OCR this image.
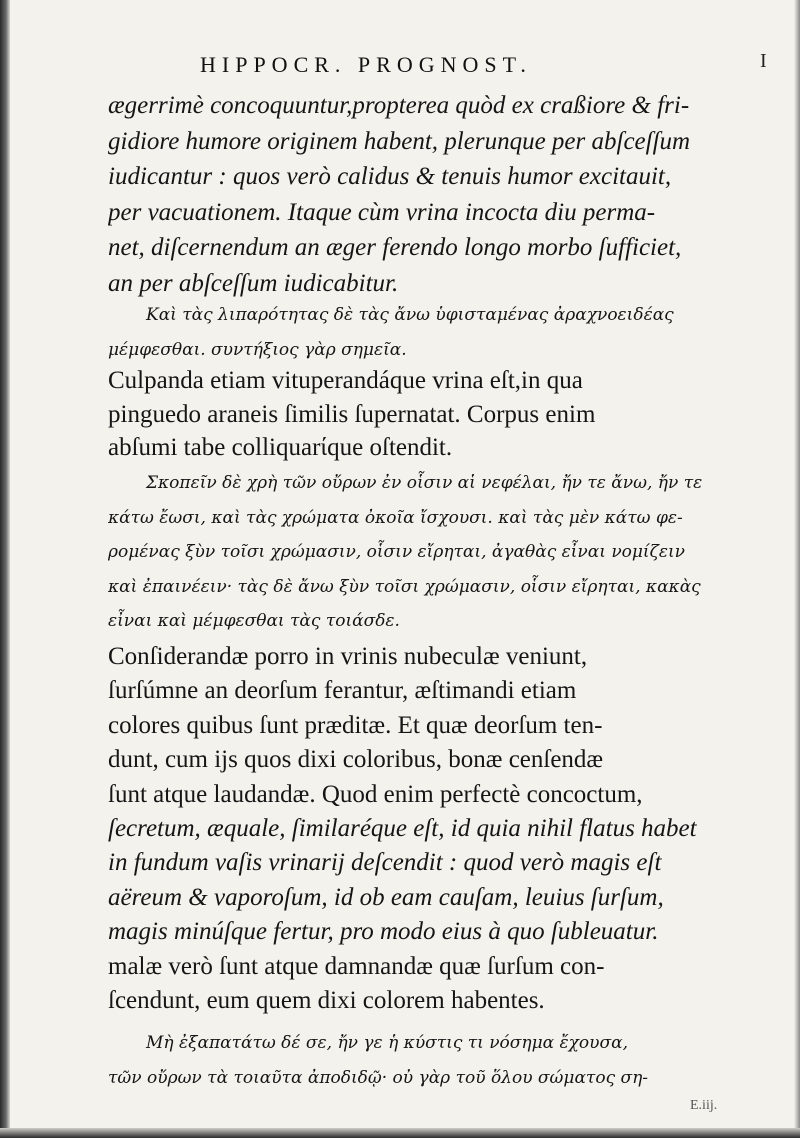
HIPPOCR. PROGNOST.	I
ægerrimè concoquuntur,propterea quòd ex craßiore & fri-
gidiore humore originem habent, plerunque per abſceſſum
iudicantur : quos verò calidus & tenuis humor excitauit,
per vacuationem. Itaque cùm vrina incocta diu perma-
net, diſcernendum an æger ferendo longo morbo ſufficiet,
an per abſceſſum iudicabitur.
Καὶ τὰς λιπαρότητας δὲ τὰς ἄνω ὑφισταμένας ἀραχνοειδέας
μέμφεσθαι. συντήξιος γὰρ σημεῖα.
Culpanda etiam vituperandáque vrina eſt,in qua
pinguedo araneis ſimilis ſupernatat. Corpus enim
abſumi tabe colliquarίque oſtendit.
Σκοπεῖν δὲ χρὴ τῶν οὔρων ἐν οἷσιν αἱ νεφέλαι, ἤν τε ἄνω, ἤν τε
κάτω ἔωσι, καὶ τὰς χρώματα ὀκοῖα ἴσχουσι. καὶ τὰς μὲν κάτω φε-
ρομένας ξὺν τοῖσι χρώμασιν, οἷσιν εἴρηται, ἀγαθὰς εἶναι νομίζειν
καὶ ἐπαινέειν· τὰς δὲ ἄνω ξὺν τοῖσι χρώμασιν, οἷσιν εἴρηται, κακὰς
εἶναι καὶ μέμφεσθαι τὰς τοιάσδε.
Conſiderandæ porro in vrinis nubeculæ veniunt,
ſurſúmne an deorſum ferantur, æſtimandi etiam
colores quibus ſunt præditæ. Et quæ deorſum ten-
dunt, cum ijs quos dixi coloribus, bonæ cenſendæ
ſunt atque laudandæ. Quod enim perfectè concoctum,
ſecretum, æquale, ſimilaréque eſt, id quia nihil flatus habet
in fundum vaſis vrinarij deſcendit : quod verò magis eſt
aëreum & vaporoſum, id ob eam cauſam, leuius ſurſum,
magis minúſque fertur, pro modo eius à quo ſubleuatur.
malæ verò ſunt atque damnandæ quæ ſurſum con-
ſcendunt, eum quem dixi colorem habentes.
Μὴ ἐξαπατάτω δέ σε, ἤν γε ἡ κύστις τι νόσημα ἔχουσα,
τῶν οὔρων τὰ τοιαῦτα ἀποδιδῷ· οὐ γὰρ τοῦ ὅλου σώματος ση-
E.iij.
